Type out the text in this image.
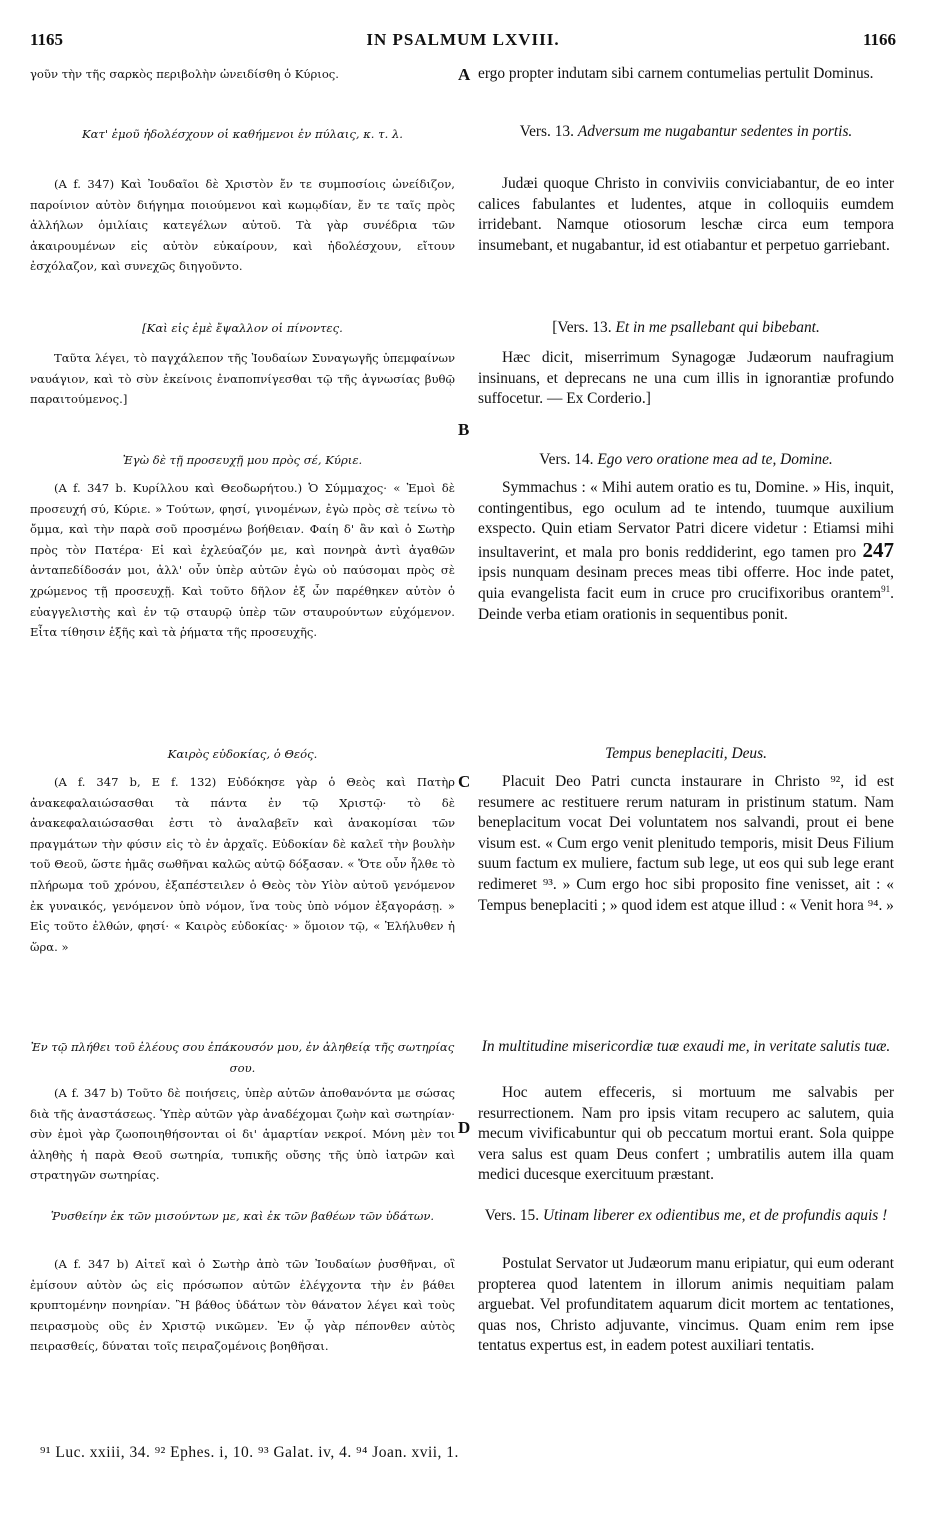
1165	IN PSALMUM LXVIII.	1166
A
B
C
D

γοῦν τὴν τῆς σαρκὸς περιβολὴν ὠνειδίσθη ὁ Κύριος.

Κατ' ἐμοῦ ἠδολέσχουν οἱ καθήμενοι ἐν πύλαις, κ. τ. λ.

(A f. 347) Καὶ Ἰουδαῖοι δὲ Χριστὸν ἔν τε συμποσίοις ὠνείδιζον, παροίνιον αὐτὸν διήγημα ποιούμενοι καὶ κωμῳδίαν, ἔν τε ταῖς πρὸς ἀλλήλων ὁμιλίαις κατεγέλων αὐτοῦ. Τὰ γὰρ συνέδρια τῶν ἀκαιρουμένων εἰς αὐτὸν εὐκαίρουν, καὶ ἠδολέσχουν, εἴτουν ἐσχόλαζον, καὶ συνεχῶς διηγοῦντο.

[Καὶ εἰς ἐμὲ ἔψαλλον οἱ πίνοντες.

Ταῦτα λέγει, τὸ παγχάλεπον τῆς Ἰουδαίων Συναγωγῆς ὑπεμφαίνων ναυάγιον, καὶ τὸ σὺν ἐκείνοις ἐναποπνίγεσθαι τῷ τῆς ἀγνωσίας βυθῷ παραιτούμενος.]

Ἐγὼ δὲ τῇ προσευχῇ μου πρὸς σέ, Κύριε.

(A f. 347 b. Κυρίλλου καὶ Θεοδωρήτου.) Ὁ Σύμμαχος· « Ἐμοὶ δὲ προσευχή σύ, Κύριε. » Τούτων, φησί, γινομένων, ἐγὼ πρὸς σὲ τείνω τὸ ὄμμα, καὶ τὴν παρὰ σοῦ προσμένω βοήθειαν. Φαίη δ' ἂν καὶ ὁ Σωτὴρ πρὸς τὸν Πατέρα· Εἰ καὶ ἐχλεύαζόν με, καὶ πονηρὰ ἀντὶ ἀγαθῶν ἀνταπεδίδοσάν μοι, ἀλλ' οὖν ὑπὲρ αὐτῶν ἐγὼ οὐ παύσομαι πρὸς σὲ χρώμενος τῇ προσευχῇ. Καὶ τοῦτο δῆλον ἐξ ὧν παρέθηκεν αὐτὸν ὁ εὐαγγελιστὴς καὶ ἐν τῷ σταυρῷ ὑπὲρ τῶν σταυρούντων εὐχόμενον. Εἶτα τίθησιν ἑξῆς καὶ τὰ ῥήματα τῆς προσευχῆς.

Καιρὸς εὐδοκίας, ὁ Θεός.

(A f. 347 b, E f. 132) Εὐδόκησε γὰρ ὁ Θεὸς καὶ Πατὴρ ἀνακεφαλαιώσασθαι τὰ πάντα ἐν τῷ Χριστῷ· τὸ δὲ ἀνακεφαλαιώσασθαι ἐστι τὸ ἀναλαβεῖν καὶ ἀνακομίσαι τῶν πραγμάτων τὴν φύσιν εἰς τὸ ἐν ἀρχαῖς. Εὐδοκίαν δὲ καλεῖ τὴν βουλὴν τοῦ Θεοῦ, ὥστε ἡμᾶς σωθῆναι καλῶς αὐτῷ δόξασαν. « Ὅτε οὖν ἦλθε τὸ πλήρωμα τοῦ χρόνου, ἐξαπέστειλεν ὁ Θεὸς τὸν Υἱὸν αὐτοῦ γενόμενον ἐκ γυναικός, γενόμενον ὑπὸ νόμον, ἵνα τοὺς ὑπὸ νόμον ἐξαγοράσῃ. » Εἰς τοῦτο ἐλθών, φησί· « Καιρὸς εὐδοκίας· » ὅμοιον τῷ, « Ἐλήλυθεν ἡ ὥρα. »

Ἐν τῷ πλήθει τοῦ ἐλέους σου ἐπάκουσόν μου, ἐν ἀληθείᾳ τῆς σωτηρίας σου.

(A f. 347 b) Τοῦτο δὲ ποιήσεις, ὑπὲρ αὐτῶν ἀποθανόντα με σώσας διὰ τῆς ἀναστάσεως. Ὑπὲρ αὐτῶν γὰρ ἀναδέχομαι ζωὴν καὶ σωτηρίαν· σὺν ἐμοὶ γὰρ ζωοποιηθήσονται οἱ δι' ἁμαρτίαν νεκροί. Μόνη μὲν τοι ἀληθὴς ἡ παρὰ Θεοῦ σωτηρία, τυπικῆς οὔσης τῆς ὑπὸ ἰατρῶν καὶ στρατηγῶν σωτηρίας.

Ῥυσθείην ἐκ τῶν μισούντων με, καὶ ἐκ τῶν βαθέων τῶν ὑδάτων.

(A f. 347 b) Αἰτεῖ καὶ ὁ Σωτὴρ ἀπὸ τῶν Ἰουδαίων ῥυσθῆναι, οἳ ἐμίσουν αὐτὸν ὡς εἰς πρόσωπον αὐτῶν ἐλέγχοντα τὴν ἐν βάθει κρυπτομένην πονηρίαν. Ἣ βάθος ὑδάτων τὸν θάνατον λέγει καὶ τοὺς πειρασμοὺς οὓς ἐν Χριστῷ νικῶμεν. Ἐν ᾧ γὰρ πέπονθεν αὐτὸς πειρασθείς, δύναται τοῖς πειραζομένοις βοηθῆσαι.

ergo propter indutam sibi carnem contumelias pertulit Dominus.

Vers. 13. Adversum me nugabantur sedentes in portis.

Judæi quoque Christo in conviviis conviciabantur, de eo inter calices fabulantes et ludentes, atque in colloquiis eumdem irridebant. Namque otiosorum leschæ circa eum tempora insumebant, et nugabantur, id est otiabantur et perpetuo garriebant.

[Vers. 13. Et in me psallebant qui bibebant.

Hæc dicit, miserrimum Synagogæ Judæorum naufragium insinuans, et deprecans ne una cum illis in ignorantiæ profundo suffocetur. — Ex Corderio.]

Vers. 14. Ego vero oratione mea ad te, Domine.

Symmachus : « Mihi autem oratio es tu, Domine. » His, inquit, contingentibus, ego oculum ad te intendo, tuumque auxilium exspecto. Quin etiam Servator Patri dicere videtur : Etiamsi mihi insultaverint, et mala pro bonis reddiderint, ego tamen pro 247 ipsis nunquam desinam preces meas tibi offerre. Hoc inde patet, quia evangelista facit eum in cruce pro crucifixoribus orantem$^{91}$. Deinde verba etiam orationis in sequentibus ponit.

Tempus beneplaciti, Deus.

Placuit Deo Patri cuncta instaurare in Christo ⁹², id est resumere ac restituere rerum naturam in pristinum statum. Nam beneplacitum vocat Dei voluntatem nos salvandi, prout ei bene visum est. « Cum ergo venit plenitudo temporis, misit Deus Filium suum factum ex muliere, factum sub lege, ut eos qui sub lege erant redimeret ⁹³. » Cum ergo hoc sibi proposito fine venisset, ait : « Tempus beneplaciti ; » quod idem est atque illud : « Venit hora ⁹⁴. »

In multitudine misericordiæ tuæ exaudi me, in veritate salutis tuæ.

Hoc autem effeceris, si mortuum me salvabis per resurrectionem. Nam pro ipsis vitam recupero ac salutem, quia mecum vivificabuntur qui ob peccatum mortui erant. Sola quippe vera salus est quam Deus confert ; umbratilis autem illa quam medici ducesque exercituum præstant.

Vers. 15. Utinam liberer ex odientibus me, et de profundis aquis !

Postulat Servator ut Judæorum manu eripiatur, qui eum oderant propterea quod latentem in illorum animis nequitiam palam arguebat. Vel profunditatem aquarum dicit mortem ac tentationes, quas nos, Christo adjuvante, vincimus. Quam enim rem ipse tentatus expertus est, in eadem potest auxiliari tentatis.

⁹¹ Luc. xxiii, 34. ⁹² Ephes. i, 10. ⁹³ Galat. iv, 4. ⁹⁴ Joan. xvii, 1.
